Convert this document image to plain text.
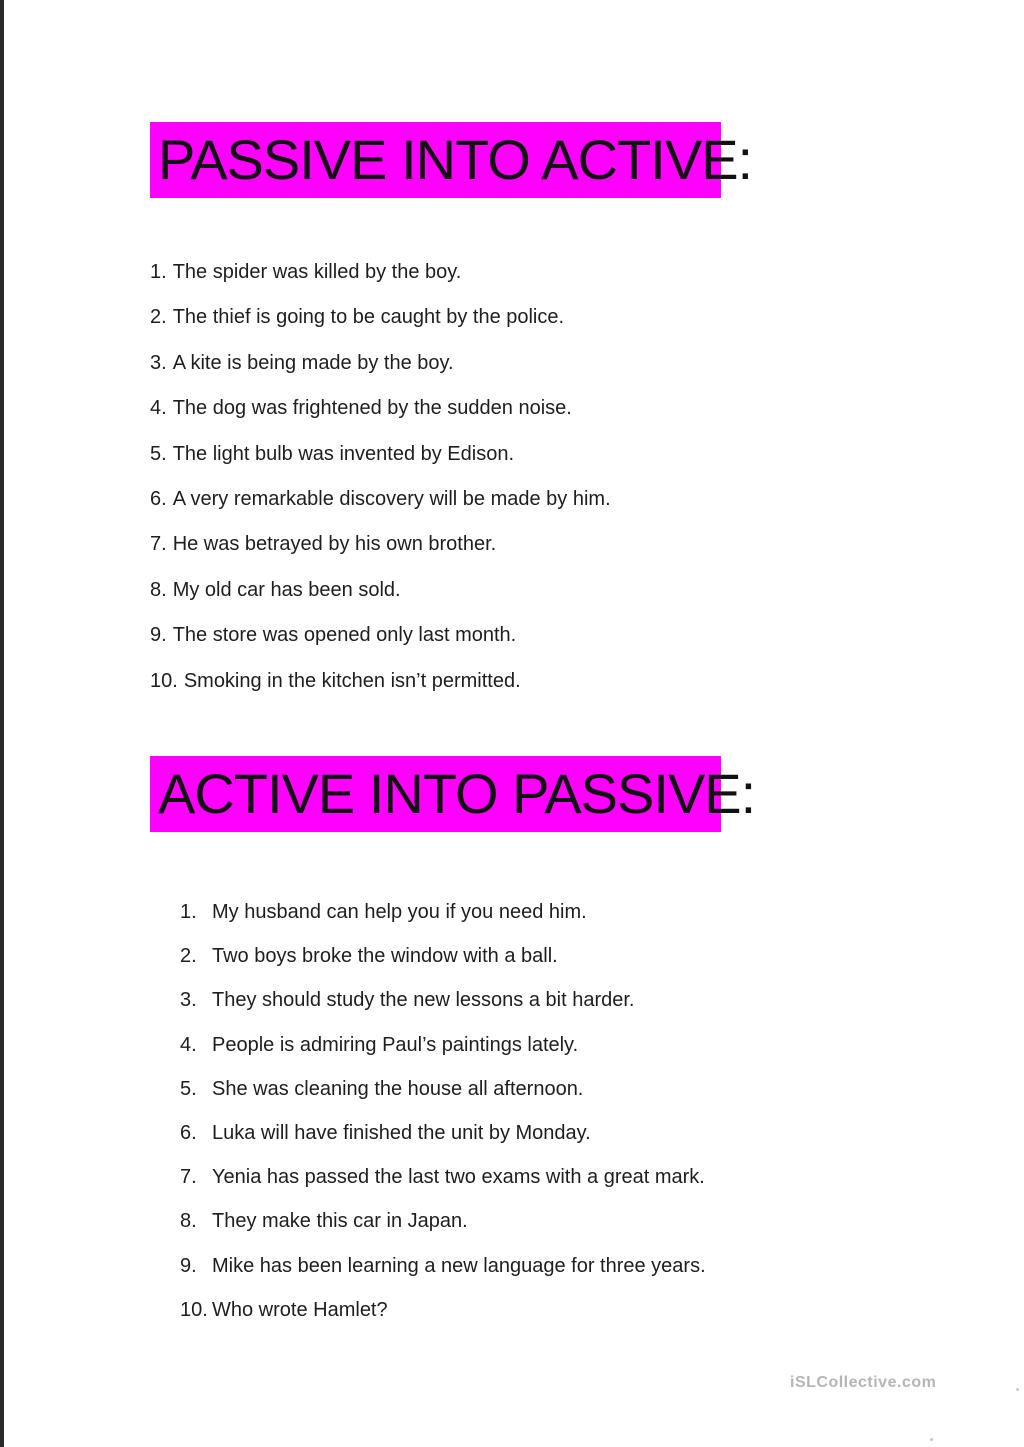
PASSIVE INTO ACTIVE:
1. The spider was killed by the boy.
2. The thief is going to be caught by the police.
3. A kite is being made by the boy.
4. The dog was frightened by the sudden noise.
5. The light bulb was invented by Edison.
6. A very remarkable discovery will be made by him.
7. He was betrayed by his own brother.
8. My old car has been sold.
9. The store was opened only last month.
10. Smoking in the kitchen isn’t permitted.
ACTIVE INTO PASSIVE:
1. My husband can help you if you need him.
2. Two boys broke the window with a ball.
3. They should study the new lessons a bit harder.
4. People is admiring Paul’s paintings lately.
5. She was cleaning the house all afternoon.
6. Luka will have finished the unit by Monday.
7. Yenia has passed the last two exams with a great mark.
8. They make this car in Japan.
9. Mike has been learning a new language for three years.
10. Who wrote Hamlet?
iSLCollective.com
